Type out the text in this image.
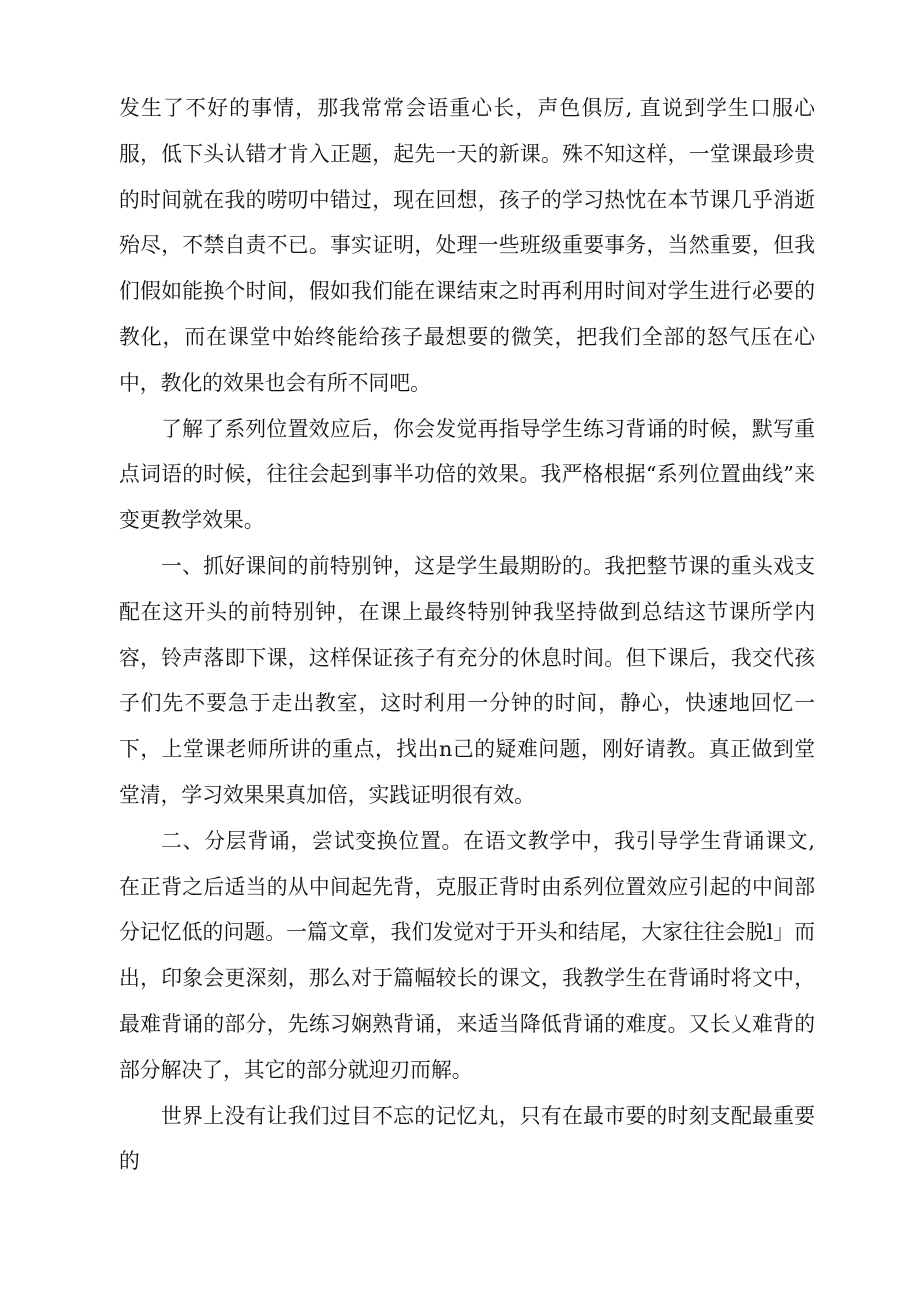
发生了不好的事情，那我常常会语重心长，声色俱厉, 直说到学生口服心服，低下头认错才肯入正题，起先一天的新课。殊不知这样，一堂课最珍贵的时间就在我的唠叨中错过，现在回想，孩子的学习热忱在本节课几乎消逝殆尽，不禁自责不已。事实证明，处理一些班级重要事务，当然重要，但我们假如能换个时间，假如我们能在课结束之时再利用时间对学生进行必要的教化，而在课堂中始终能给孩子最想要的微笑，把我们全部的怒气压在心中，教化的效果也会有所不同吧。

了解了系列位置效应后，你会发觉再指导学生练习背诵的时候，默写重点词语的时候，往往会起到事半功倍的效果。我严格根据“系列位置曲线”来变更教学效果。

一、抓好课间的前特别钟，这是学生最期盼的。我把整节课的重头戏支配在这开头的前特别钟，在课上最终特别钟我坚持做到总结这节课所学内容，铃声落即下课，这样保证孩子有充分的休息时间。但下课后，我交代孩子们先不要急于走出教室，这时利用一分钟的时间，静心，快速地回忆一下，上堂课老师所讲的重点，找出n己的疑难问题，刚好请教。真正做到堂堂清，学习效果果真加倍，实践证明很有效。

二、分层背诵，尝试变换位置。在语文教学中，我引导学生背诵课文, 在正背之后适当的从中间起先背，克服正背时由系列位置效应引起的中间部分记忆低的问题。一篇文章，我们发觉对于开头和结尾，大家往往会脱l」而出，印象会更深刻，那么对于篇幅较长的课文，我教学生在背诵时将文中，最难背诵的部分，先练习娴熟背诵，来适当降低背诵的难度。又长乂难背的部分解决了，其它的部分就迎刃而解。

世界上没有让我们过目不忘的记忆丸，只有在最市要的时刻支配最重要的
